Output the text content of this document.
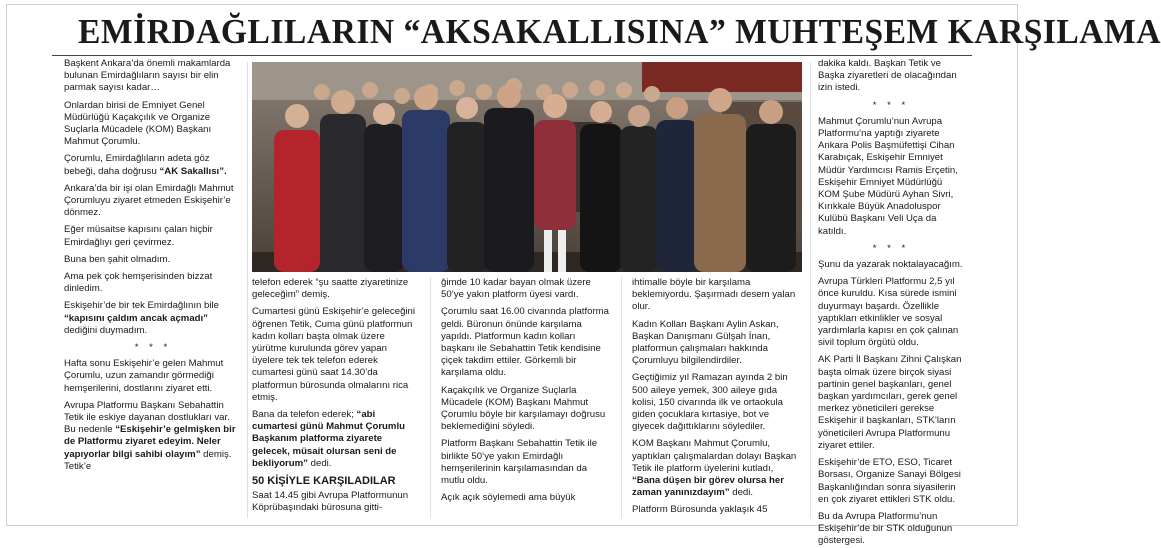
EMİRDAĞLILARIN “AKSAKALLISINA” MUHTEŞEM KARŞILAMA

Başkent Ankara’da önemli makamlarda bulunan Emirdağlıların sayısı bir elin parmak sayısı kadar…

Onlardan birisi de Emniyet Genel Müdürlüğü Kaçakçılık ve Organize Suçlarla Mücadele (KOM) Başkanı Mahmut Çorumlu.

Çorumlu, Emirdağlıların adeta göz bebeği, daha doğrusu “AK Sakallısı”.

Ankara’da bir işi olan Emirdağlı Mahmut Çorumluyu ziyaret etmeden Eskişehir’e dönmez.

Eğer müsaitse kapısını çalan hiçbir Emirdağlıyı geri çevirmez.

Buna ben şahit olmadım.

Ama pek çok hemşerisinden bizzat dinledim.

Eskişehir’de bir tek Emirdağlının bile “kapısını çaldım ancak açmadı” dediğini duymadım.

* * *

Hafta sonu Eskişehir’e gelen Mahmut Çorumlu, uzun zamandır görmediği hemşerilerini, dostlarını ziyaret etti.

Avrupa Platformu Başkanı Sebahattin Tetik ile eskiye dayanan dostlukları var. Bu nedenle “Eskişehir’e gelmişken bir de Platformu ziyaret edeyim. Neler yapıyorlar bilgi sahibi olayım” demiş. Tetik’e

telefon ederek “şu saatte ziyaretinize geleceğim” demiş.

Cumartesi günü Eskişehir’e geleceğini öğrenen Tetik, Cuma günü platformun kadın kolları başta olmak üzere yürütme kurulunda görev yapan üyelere tek tek telefon ederek cumartesi günü saat 14.30’da platformun bürosunda olmalarını rica etmiş.

Bana da telefon ederek; “abi cumartesi günü Mahmut Çorumlu Başkanım platforma ziyarete gelecek, müsait olursan seni de bekliyorum” dedi.

50 KİŞİYLE KARŞILADILAR

Saat 14.45 gibi Avrupa Platformunun Köprübaşındaki bürosuna gitti-

ğimde 10 kadar bayan olmak üzere 50’ye yakın platform üyesi vardı.

Çorumlu saat 16.00 civarında platforma geldi. Büronun önünde karşılama yapıldı. Platformun kadın kolları başkanı ile Sebahattin Tetik kendisine çiçek takdim ettiler. Görkemli bir karşılama oldu.

Kaçakçılık ve Organize Suçlarla Mücadele (KOM) Başkanı Mahmut Çorumlu böyle bir karşılamayı doğrusu beklemediğini söyledi.

Platform Başkanı Sebahattin Tetik ile birlikte 50’ye yakın Emirdağlı hemşerilerinin karşılamasından da mutlu oldu.

Açık açık söylemedi ama büyük

ihtimalle böyle bir karşılama beklemiyordu. Şaşırmadı desem yalan olur.

Kadın Kolları Başkanı Aylin Askan, Başkan Danışmanı Gülşah İnan, platformun çalışmaları hakkında Çorumluyu bilgilendirdiler.

Geçtiğimiz yıl Ramazan ayında 2 bin 500 aileye yemek, 300 aileye gıda kolisi, 150 civarında ilk ve ortaokula giden çocuklara kırtasiye, bot ve giyecek dağıttıklarını söylediler.

KOM Başkanı Mahmut Çorumlu, yaptıkları çalışmalardan dolayı Başkan Tetik ile platform üyelerini kutladı, “Bana düşen bir görev olursa her zaman yanınızdayım” dedi.

Platform Bürosunda yaklaşık 45

dakika kaldı. Başkan Tetik ve Başka ziyaretleri de olacağından izin istedi.

* * *

Mahmut Çorumlu’nun Avrupa Platformu’na yaptığı ziyarete Ankara Polis Başmüfettişi Cihan Karabıçak, Eskişehir Emniyet Müdür Yardımcısı Ramis Erçetin, Eskişehir Emniyet Müdürlüğü KOM Şube Müdürü Ayhan Sivri, Kırıkkale Büyük Anadoluspor Kulübü Başkanı Veli Uça da katıldı.

* * *

Şunu da yazarak noktalayacağım.

Avrupa Türkleri Platformu 2,5 yıl önce kuruldu. Kısa sürede ismini duyurmayı başardı. Özellikle yaptıkları etkinlikler ve sosyal yardımlarla kapısı en çok çalınan sivil toplum örgütü oldu.

AK Parti İl Başkanı Zihni Çalışkan başta olmak üzere birçok siyasi partinin genel başkanları, genel başkan yardımcıları, gerek genel merkez yöneticileri gerekse Eskişehir il başkanları, STK’ların yöneticileri Avrupa Platformunu ziyaret ettiler.

Eskişehir’de ETO, ESO, Ticaret Borsası, Organize Sanayi Bölgesi Başkanlığından sonra siyasilerin en çok ziyaret ettikleri STK oldu.

Bu da Avrupa Platformu’nun Eskişehir’de bir STK olduğunun göstergesi.
